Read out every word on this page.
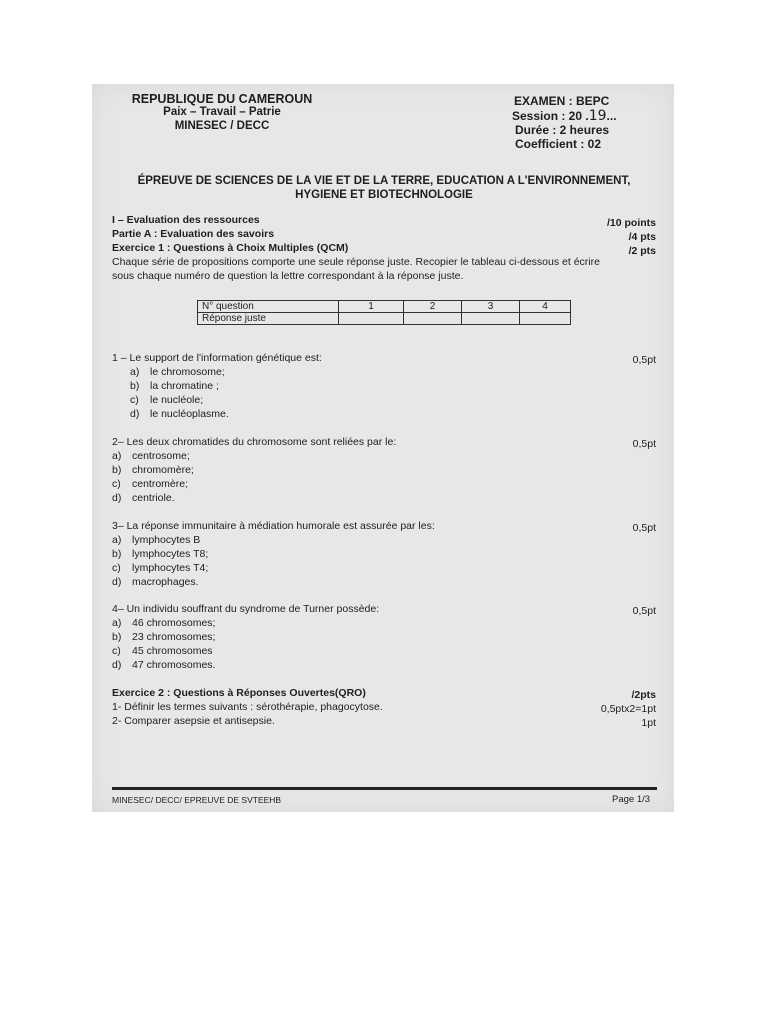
REPUBLIQUE DU CAMEROUN
Paix – Travail – Patrie
MINESEC / DECC
EXAMEN : BEPC
Session : 20 .19...
Durée : 2 heures
Coefficient : 02
ÉPREUVE DE SCIENCES DE LA VIE ET DE LA TERRE, EDUCATION A L'ENVIRONNEMENT,
HYGIENE ET BIOTECHNOLOGIE
I – Evaluation des ressources	/10 points
Partie A : Evaluation des savoirs	/4 pts
Exercice 1 : Questions à Choix Multiples (QCM)	/2 pts
Chaque série de propositions comporte une seule réponse juste. Recopier le tableau ci-dessous et écrire
sous chaque numéro de question la lettre correspondant à la réponse juste.
N° question	1	2	3	4
Réponse juste				
1 – Le support de l'information génétique est:	0,5pt
a) le chromosome;
b) la chromatine ;
c) le nucléole;
d) le nucléoplasme.
2– Les deux chromatides du chromosome sont reliées par le:	0,5pt
a) centrosome;
b) chromomère;
c) centromère;
d) centriole.
3– La réponse immunitaire à médiation humorale est assurée par les:	0,5pt
a) lymphocytes B
b) lymphocytes T8;
c) lymphocytes T4;
d) macrophages.
4– Un individu souffrant du syndrome de Turner possède:	0,5pt
a) 46 chromosomes;
b) 23 chromosomes;
c) 45 chromosomes
d) 47 chromosomes.
Exercice 2 : Questions à Réponses Ouvertes(QRO)	/2pts
1- Définir les termes suivants : sérothérapie, phagocytose.	0,5ptx2=1pt
2- Comparer asepsie et antisepsie.	1pt
MINESEC/ DECC/ EPREUVE DE SVTEEHB	Page 1/3
